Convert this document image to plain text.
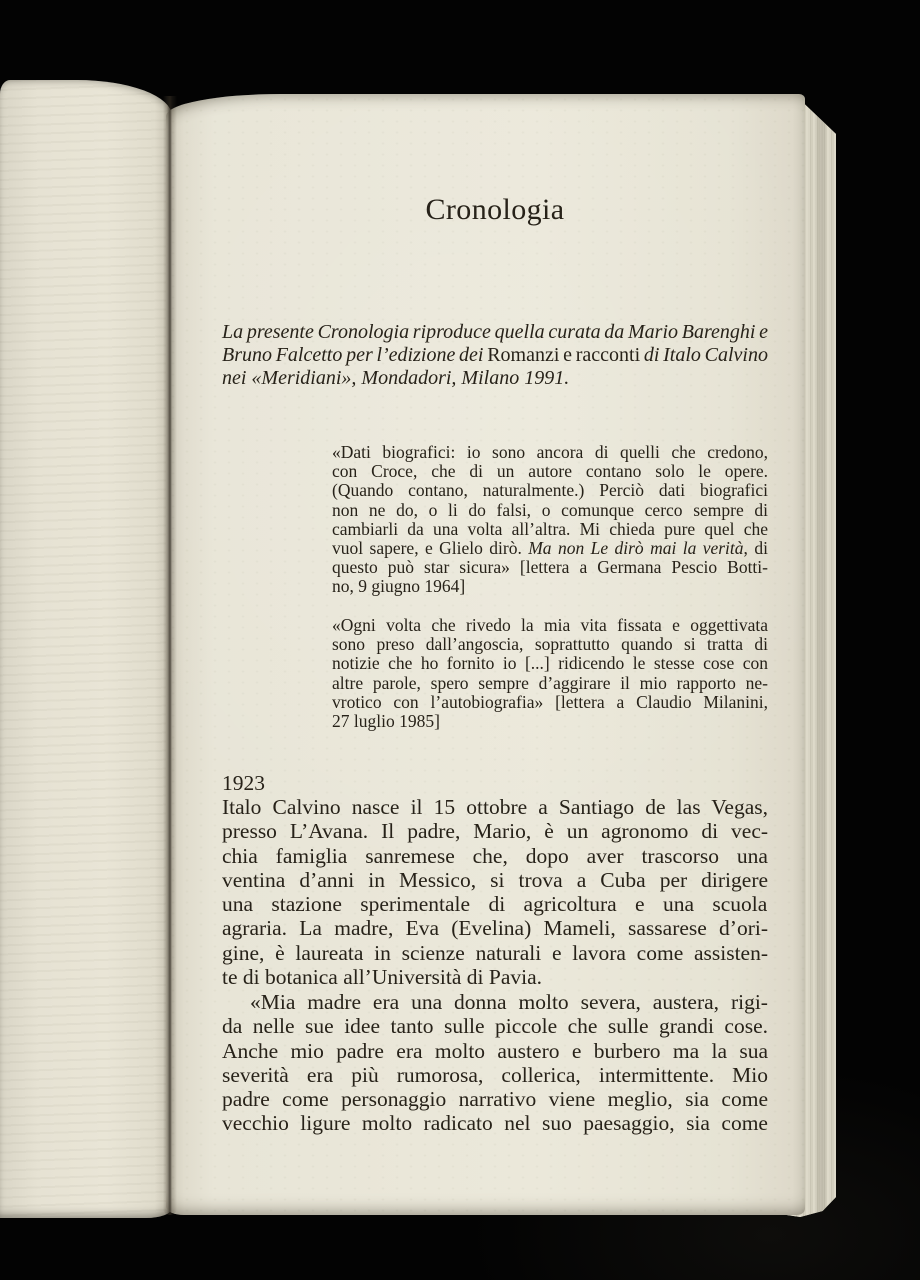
Cronologia
La presente Cronologia riproduce quella curata da Mario Barenghi e
Bruno Falcetto per l’edizione dei Romanzi e racconti di Italo Calvino
nei «Meridiani», Mondadori, Milano 1991.
«Dati biografici: io sono ancora di quelli che credono,
con Croce, che di un autore contano solo le opere.
(Quando contano, naturalmente.) Perciò dati biografici
non ne do, o li do falsi, o comunque cerco sempre di
cambiarli da una volta all’altra. Mi chieda pure quel che
vuol sapere, e Glielo dirò. Ma non Le dirò mai la verità, di
questo può star sicura» [lettera a Germana Pescio Botti-
no, 9 giugno 1964]
«Ogni volta che rivedo la mia vita fissata e oggettivata
sono preso dall’angoscia, soprattutto quando si tratta di
notizie che ho fornito io [...] ridicendo le stesse cose con
altre parole, spero sempre d’aggirare il mio rapporto ne-
vrotico con l’autobiografia» [lettera a Claudio Milanini,
27 luglio 1985]
1923
Italo Calvino nasce il 15 ottobre a Santiago de las Vegas,
presso L’Avana. Il padre, Mario, è un agronomo di vec-
chia famiglia sanremese che, dopo aver trascorso una
ventina d’anni in Messico, si trova a Cuba per dirigere
una stazione sperimentale di agricoltura e una scuola
agraria. La madre, Eva (Evelina) Mameli, sassarese d’ori-
gine, è laureata in scienze naturali e lavora come assisten-
te di botanica all’Università di Pavia.
«Mia madre era una donna molto severa, austera, rigi-
da nelle sue idee tanto sulle piccole che sulle grandi cose.
Anche mio padre era molto austero e burbero ma la sua
severità era più rumorosa, collerica, intermittente. Mio
padre come personaggio narrativo viene meglio, sia come
vecchio ligure molto radicato nel suo paesaggio, sia come
